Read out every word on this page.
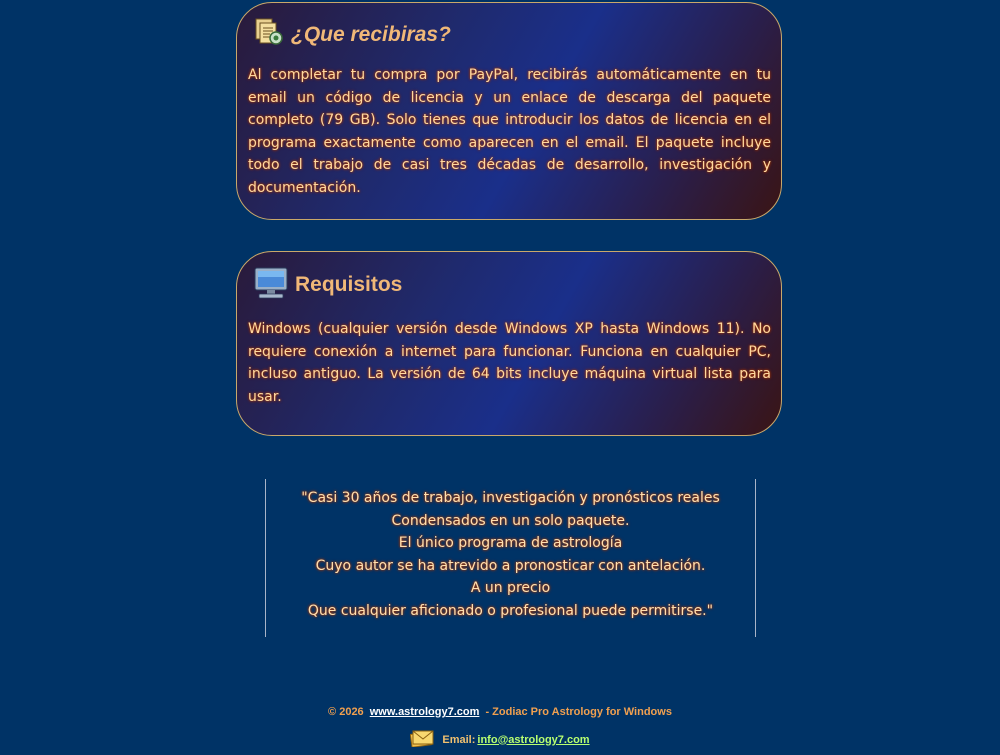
¿Que recibiras?

Al completar tu compra por PayPal, recibirás automáticamente en tu email un código de licencia y un enlace de descarga del paquete completo (79 GB). Solo tienes que introducir los datos de licencia en el programa exactamente como aparecen en el email. El paquete incluye todo el trabajo de casi tres décadas de desarrollo, investigación y documentación.

Requisitos

Windows (cualquier versión desde Windows XP hasta Windows 11). No requiere conexión a internet para funcionar. Funciona en cualquier PC, incluso antiguo. La versión de 64 bits incluye máquina virtual lista para usar.

"Casi 30 años de trabajo, investigación y pronósticos reales
Condensados en un solo paquete.
El único programa de astrología
Cuyo autor se ha atrevido a pronosticar con antelación.
A un precio
Que cualquier aficionado o profesional puede permitirse."
© 2026 www.astrology7.com - Zodiac Pro Astrology for Windows
Email: info@astrology7.com
